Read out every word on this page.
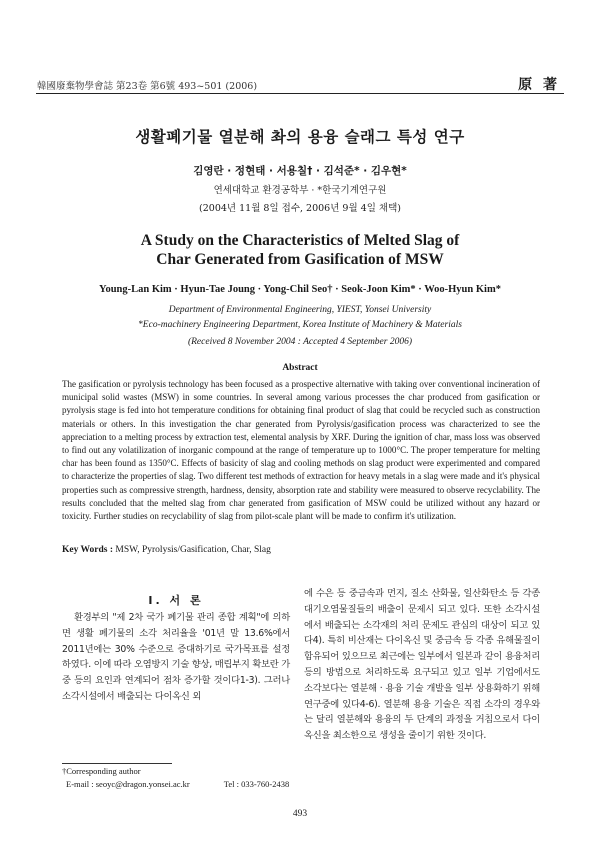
韓國廢棄物學會誌 第23卷 第6號 493~501 (2006)	原 著
생활폐기물 열분해 촤의 용융 슬래그 특성 연구
김영란 · 정현태 · 서용칠† · 김석준* · 김우현*
연세대학교 환경공학부 · *한국기계연구원
(2004년 11월 8일 접수, 2006년 9월 4일 채택)
A Study on the Characteristics of Melted Slag of
Char Generated from Gasification of MSW
Young-Lan Kim · Hyun-Tae Joung · Yong-Chil Seo† · Seok-Joon Kim* · Woo-Hyun Kim*
Department of Environmental Engineering, YIEST, Yonsei University
*Eco-machinery Engineering Department, Korea Institute of Machinery & Materials
(Received 8 November 2004 : Accepted 4 September 2006)
Abstract
The gasification or pyrolysis technology has been focused as a prospective alternative with taking over conventional incineration of municipal solid wastes (MSW) in some countries. In several among various processes the char produced from gasification or pyrolysis stage is fed into hot temperature conditions for obtaining final product of slag that could be recycled such as construction materials or others. In this investigation the char generated from Pyrolysis/gasification process was characterized to see the appreciation to a melting process by extraction test, elemental analysis by XRF. During the ignition of char, mass loss was observed to find out any volatilization of inorganic compound at the range of temperature up to 1000°C. The proper temperature for melting char has been found as 1350°C. Effects of basicity of slag and cooling methods on slag product were experimented and compared to characterize the properties of slag. Two different test methods of extraction for heavy metals in a slag were made and it's physical properties such as compressive strength, hardness, density, absorption rate and stability were measured to observe recyclability. The results concluded that the melted slag from char generated from gasification of MSW could be utilized without any hazard or toxicity. Further studies on recyclability of slag from pilot-scale plant will be made to confirm it's utilization.
Key Words : MSW, Pyrolysis/Gasification, Char, Slag
I. 서 론
환경부의 "제 2차 국가 폐기물 관리 종합 계획"에 의하면 생활 폐기물의 소각 처리율을 '01년 말 13.6%에서 2011년에는 30% 수준으로 증대하기로 국가목표를 설정하였다. 이에 따라 오염방지 기술 향상, 매립부지 확보란 가중 등의 요인과 연계되어 점차 증가할 것이다1-3). 그러나 소각시설에서 배출되는 다이옥신 외
에 수은 등 중금속과 먼지, 질소 산화물, 일산화탄소 등 각종 대기오염물질들의 배출이 문제시 되고 있다. 또한 소각시설에서 배출되는 소각재의 처리 문제도 관심의 대상이 되고 있다4). 특히 비산재는 다이옥신 및 중금속 등 각종 유해물질이 함유되어 있으므로 최근에는 일부에서 일본과 같이 용융처리 등의 방법으로 처리하도록 요구되고 있고 일부 기업에서도 소각보다는 열분해 · 용융 기술 개발을 일부 상용화하기 위해 연구중에 있다4-6). 열분해 용융 기술은 직접 소각의 경우와는 달리 열분해와 용융의 두 단계의 과정을 거침으로서 다이옥신을 최소한으로 생성을 줄이기 위한 것이다.
†Corresponding author
E-mail : seoyc@dragon.yonsei.ac.kr	Tel : 033-760-2438
493
